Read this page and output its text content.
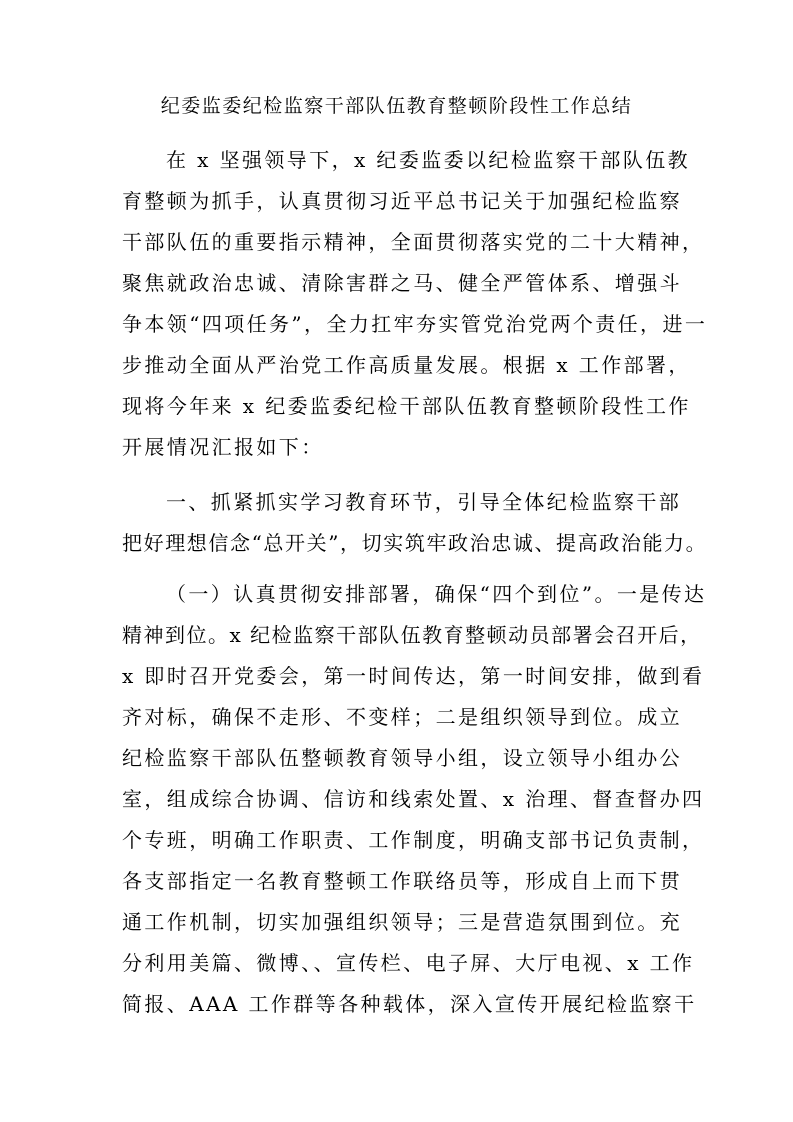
纪委监委纪检监察干部队伍教育整顿阶段性工作总结
在 x 坚强领导下，x 纪委监委以纪检监察干部队伍教
育整顿为抓手，认真贯彻习近平总书记关于加强纪检监察
干部队伍的重要指示精神，全面贯彻落实党的二十大精神，
聚焦就政治忠诚、清除害群之马、健全严管体系、增强斗
争本领“四项任务”，全力扛牢夯实管党治党两个责任，进一
步推动全面从严治党工作高质量发展。根据 x 工作部署，
现将今年来 x 纪委监委纪检干部队伍教育整顿阶段性工作
开展情况汇报如下：
一、抓紧抓实学习教育环节，引导全体纪检监察干部
把好理想信念“总开关”，切实筑牢政治忠诚、提高政治能力。
（一）认真贯彻安排部署，确保“四个到位”。一是传达
精神到位。x 纪检监察干部队伍教育整顿动员部署会召开后，
x 即时召开党委会，第一时间传达，第一时间安排，做到看
齐对标，确保不走形、不变样；二是组织领导到位。成立
纪检监察干部队伍整顿教育领导小组，设立领导小组办公
室，组成综合协调、信访和线索处置、x 治理、督查督办四
个专班，明确工作职责、工作制度，明确支部书记负责制，
各支部指定一名教育整顿工作联络员等，形成自上而下贯
通工作机制，切实加强组织领导；三是营造氛围到位。充
分利用美篇、微博、、宣传栏、电子屏、大厅电视、x 工作
简报、AAA 工作群等各种载体，深入宣传开展纪检监察干
